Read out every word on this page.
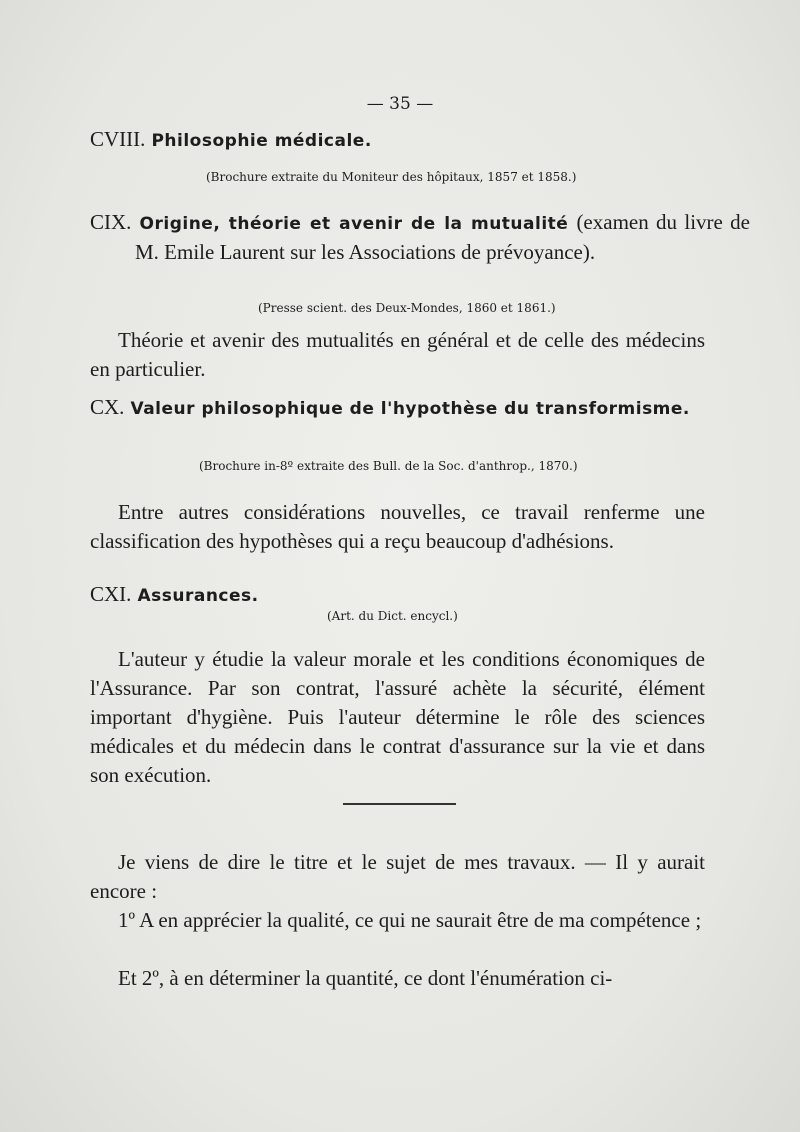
— 35 —
CVIII. Philosophie médicale.
(Brochure extraite du Moniteur des hôpitaux, 1857 et 1858.)
CIX. Origine, théorie et avenir de la mutualité (examen du livre de M. Emile Laurent sur les Associations de prévoyance).
(Presse scient. des Deux-Mondes, 1860 et 1861.)
Théorie et avenir des mutualités en général et de celle des médecins en particulier.
CX. Valeur philosophique de l'hypothèse du transformisme.
(Brochure in-8º extraite des Bull. de la Soc. d'anthrop., 1870.)
Entre autres considérations nouvelles, ce travail renferme une classification des hypothèses qui a reçu beaucoup d'adhésions.
CXI. Assurances.
(Art. du Dict. encycl.)
L'auteur y étudie la valeur morale et les conditions économiques de l'Assurance. Par son contrat, l'assuré achète la sécurité, élément important d'hygiène. Puis l'auteur détermine le rôle des sciences médicales et du médecin dans le contrat d'assurance sur la vie et dans son exécution.
Je viens de dire le titre et le sujet de mes travaux. — Il y aurait encore :
1º A en apprécier la qualité, ce qui ne saurait être de ma compétence ;
Et 2º, à en déterminer la quantité, ce dont l'énumération ci-
